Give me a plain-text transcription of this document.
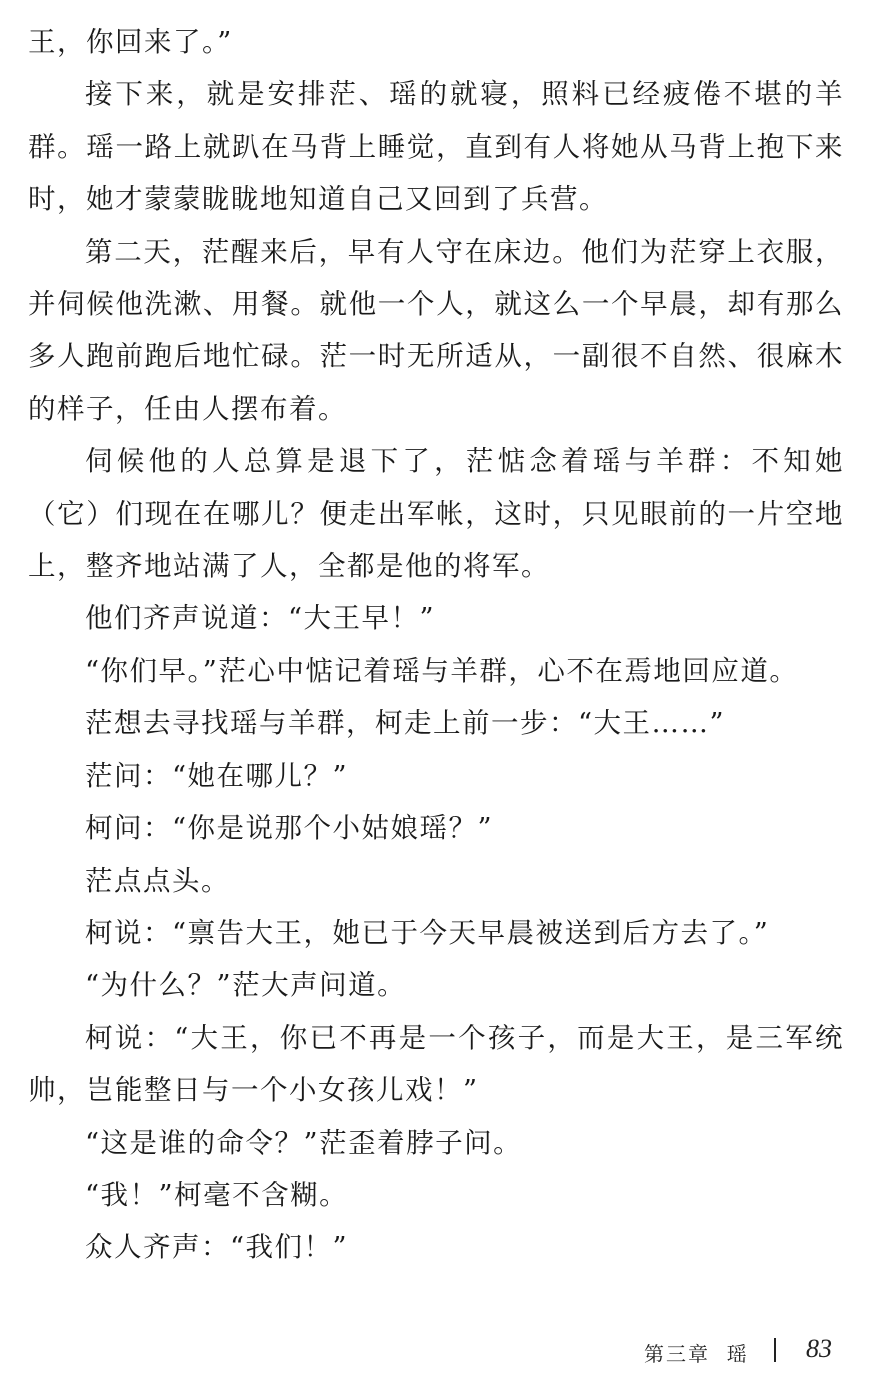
王，你回来了。”

接下来，就是安排茫、瑶的就寝，照料已经疲倦不堪的羊群。瑶一路上就趴在马背上睡觉，直到有人将她从马背上抱下来时，她才蒙蒙眬眬地知道自己又回到了兵营。

第二天，茫醒来后，早有人守在床边。他们为茫穿上衣服，并伺候他洗漱、用餐。就他一个人，就这么一个早晨，却有那么多人跑前跑后地忙碌。茫一时无所适从，一副很不自然、很麻木的样子，任由人摆布着。

伺候他的人总算是退下了，茫惦念着瑶与羊群：不知她（它）们现在在哪儿？便走出军帐，这时，只见眼前的一片空地上，整齐地站满了人，全都是他的将军。

他们齐声说道：“大王早！”

“你们早。”茫心中惦记着瑶与羊群，心不在焉地回应道。

茫想去寻找瑶与羊群，柯走上前一步：“大王……”

茫问：“她在哪儿？”

柯问：“你是说那个小姑娘瑶？”

茫点点头。

柯说：“禀告大王，她已于今天早晨被送到后方去了。”

“为什么？”茫大声问道。

柯说：“大王，你已不再是一个孩子，而是大王，是三军统帅，岂能整日与一个小女孩儿戏！”

“这是谁的命令？”茫歪着脖子问。

“我！”柯毫不含糊。

众人齐声：“我们！”

第三章  瑶 83
